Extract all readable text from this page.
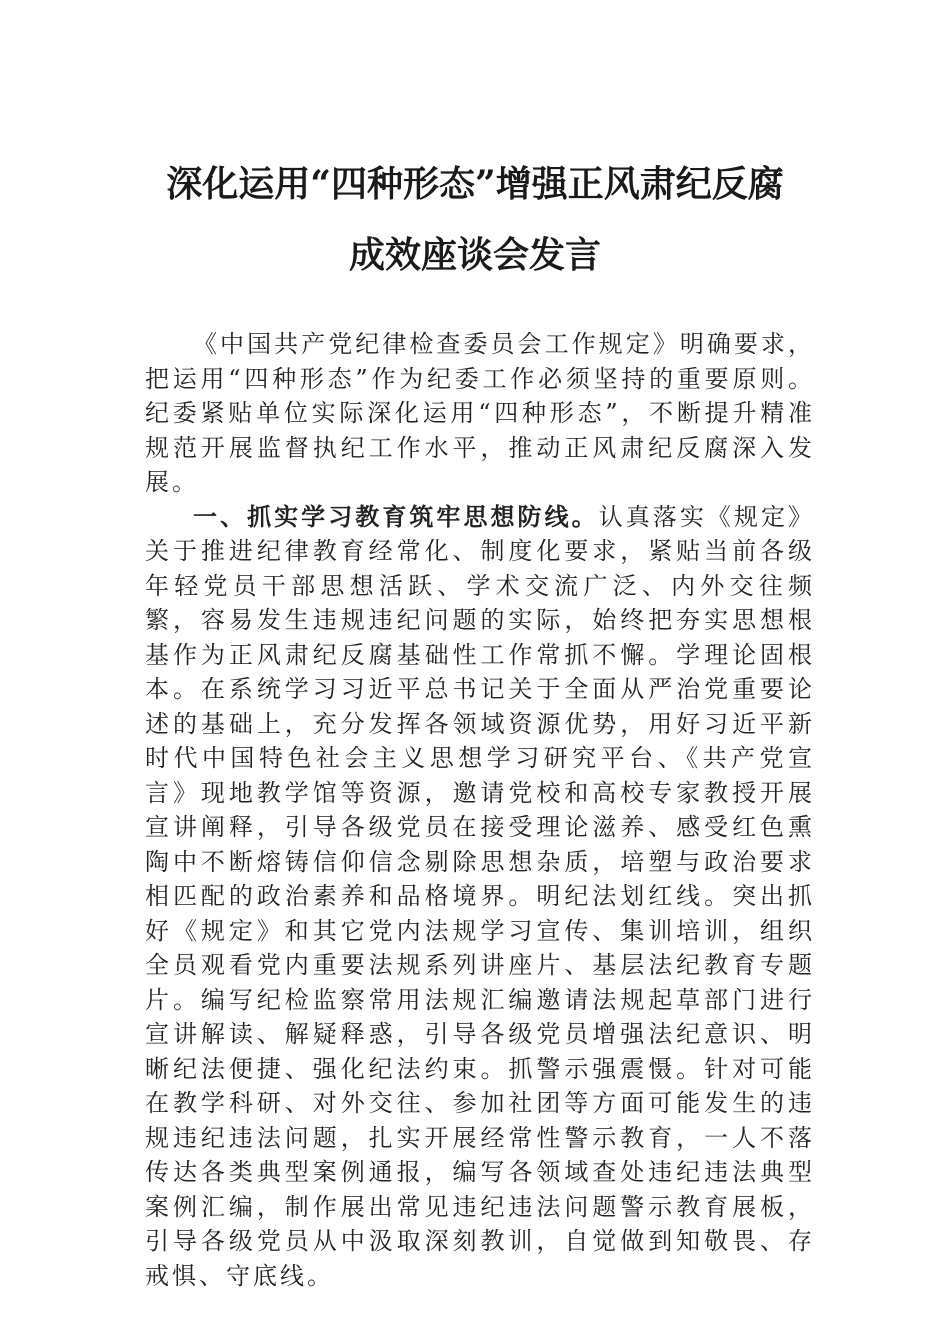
深化运用“四种形态”增强正风肃纪反腐
成效座谈会发言

《中国共产党纪律检查委员会工作规定》明确要求，把运用“四种形态”作为纪委工作必须坚持的重要原则。纪委紧贴单位实际深化运用“四种形态”，不断提升精准规范开展监督执纪工作水平，推动正风肃纪反腐深入发展。

一、抓实学习教育筑牢思想防线。认真落实《规定》关于推进纪律教育经常化、制度化要求，紧贴当前各级年轻党员干部思想活跃、学术交流广泛、内外交往频繁，容易发生违规违纪问题的实际，始终把夯实思想根基作为正风肃纪反腐基础性工作常抓不懈。学理论固根本。在系统学习习近平总书记关于全面从严治党重要论述的基础上，充分发挥各领域资源优势，用好习近平新时代中国特色社会主义思想学习研究平台、《共产党宣言》现地教学馆等资源，邀请党校和高校专家教授开展宣讲阐释，引导各级党员在接受理论滋养、感受红色熏陶中不断熔铸信仰信念剔除思想杂质，培塑与政治要求相匹配的政治素养和品格境界。明纪法划红线。突出抓好《规定》和其它党内法规学习宣传、集训培训，组织全员观看党内重要法规系列讲座片、基层法纪教育专题片。编写纪检监察常用法规汇编邀请法规起草部门进行宣讲解读、解疑释惑，引导各级党员增强法纪意识、明晰纪法便捷、强化纪法约束。抓警示强震慑。针对可能在教学科研、对外交往、参加社团等方面可能发生的违规违纪违法问题，扎实开展经常性警示教育，一人不落传达各类典型案例通报，编写各领域查处违纪违法典型案例汇编，制作展出常见违纪违法问题警示教育展板，引导各级党员从中汲取深刻教训，自觉做到知敬畏、存戒惧、守底线。
